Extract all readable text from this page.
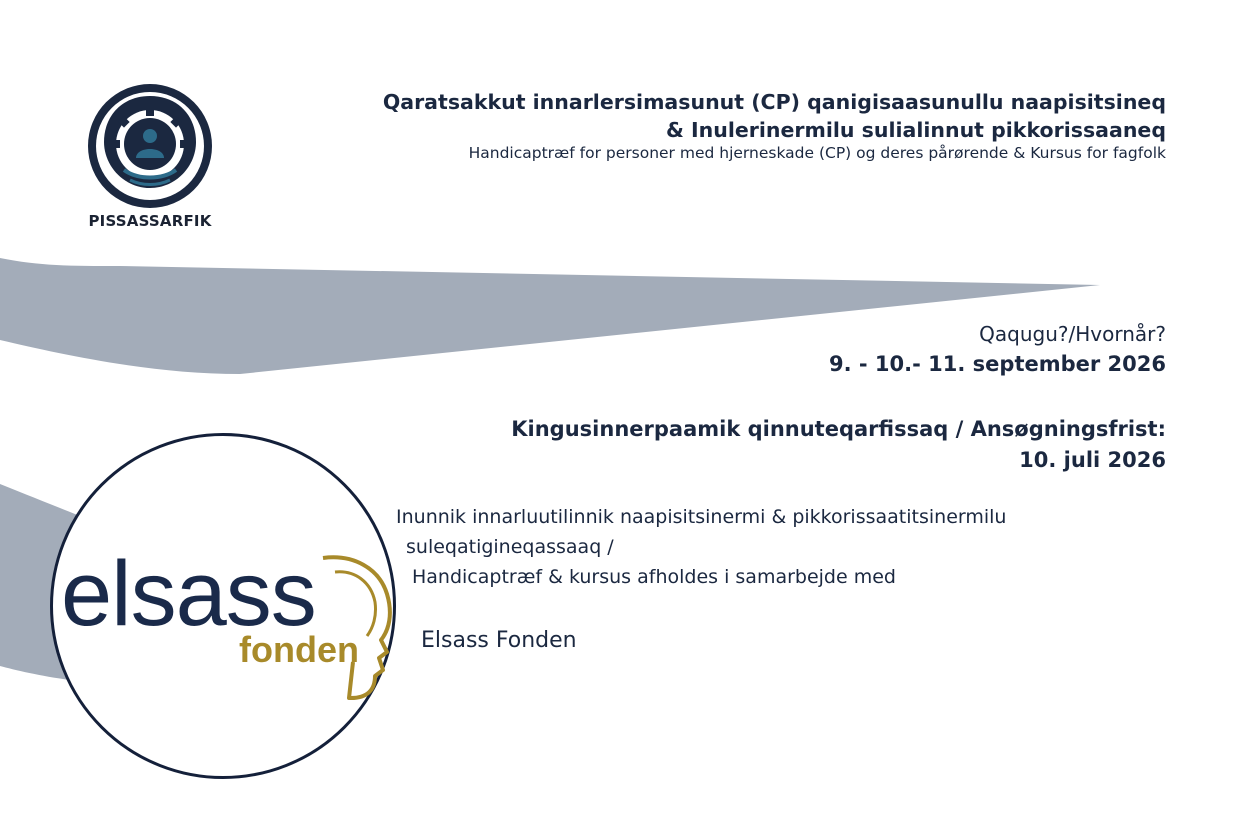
PISSASSARFIK
Qaratsakkut innarlersimasunut (CP) qanigisaasunullu naapisitsineq
& Inulerinermilu sulialinnut pikkorissaaneq
Handicaptræf for personer med hjerneskade (CP) og deres pårørende & Kursus for fagfolk
Qaqugu?/Hvornår?
9. - 10.- 11. september 2026
Kingusinnerpaamik qinnuteqarfissaq / Ansøgningsfrist:
10. juli 2026
Inunnik innarluutilinnik naapisitsinermi & pikkorissaatitsinermilu
suleqatigineqassaaq /
Handicaptræf & kursus afholdes i samarbejde med
Elsass Fonden
elsass
fonden
